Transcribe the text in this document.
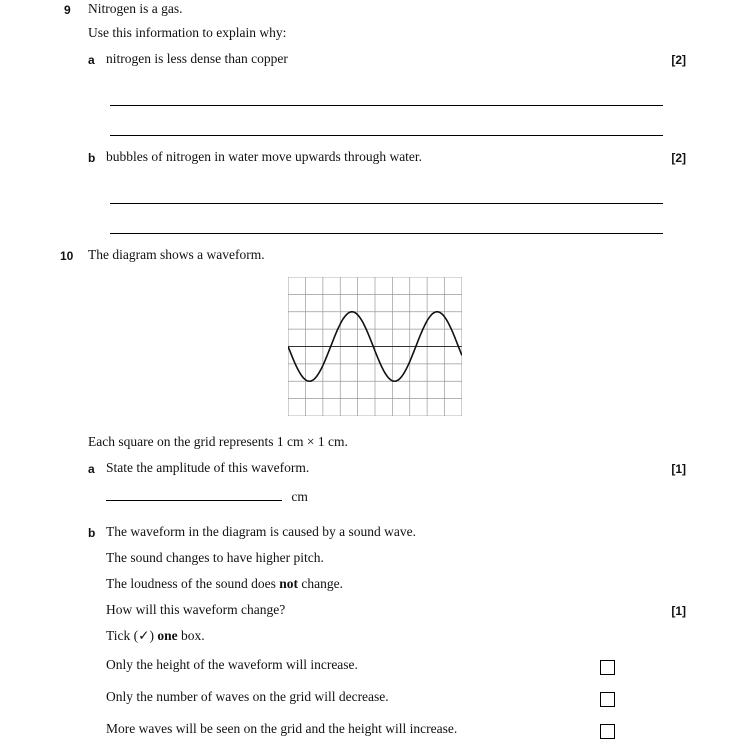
9 Nitrogen is a gas.
Use this information to explain why:
a nitrogen is less dense than copper	[2]
b bubbles of nitrogen in water move upwards through water.	[2]
10 The diagram shows a waveform.
Each square on the grid represents 1 cm × 1 cm.
a State the amplitude of this waveform.	[1]
cm
b The waveform in the diagram is caused by a sound wave.
The sound changes to have higher pitch.
The loudness of the sound does not change.
How will this waveform change?	[1]
Tick (✓) one box.
Only the height of the waveform will increase.
Only the number of waves on the grid will decrease.
More waves will be seen on the grid and the height will increase.
